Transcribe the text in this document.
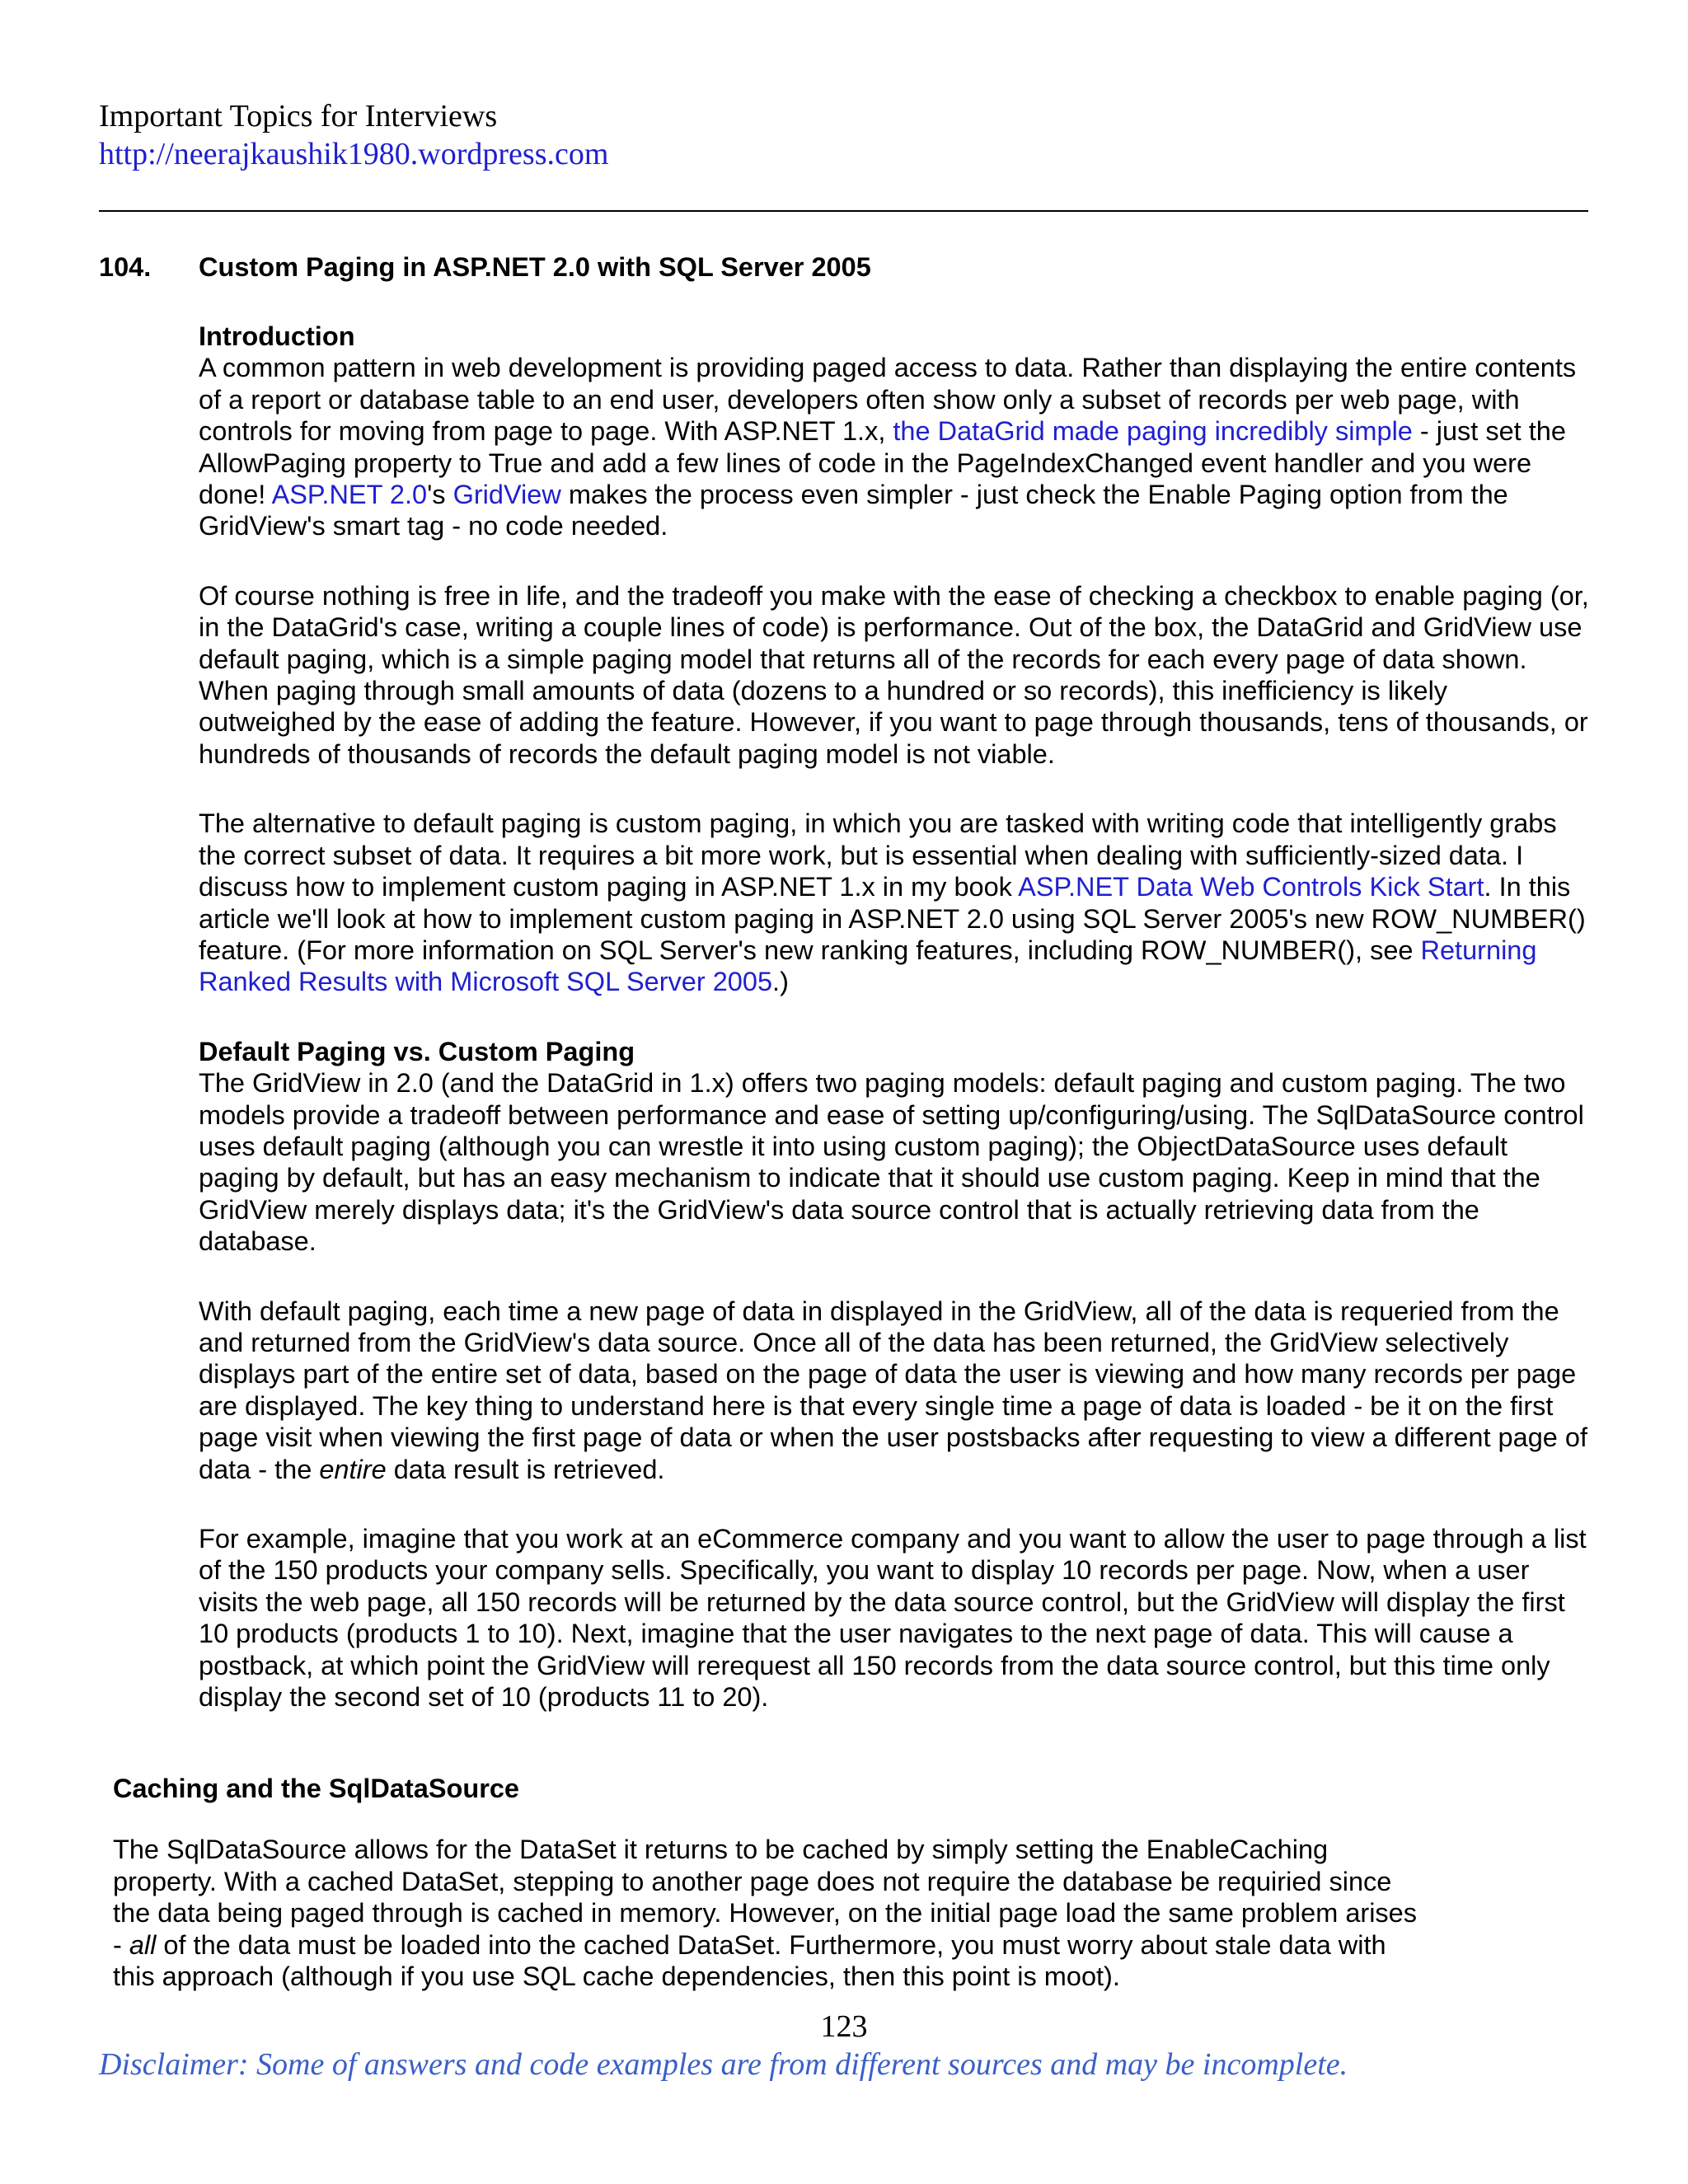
Important Topics for Interviews
http://neerajkaushik1980.wordpress.com
104. Custom Paging in ASP.NET 2.0 with SQL Server 2005
Introduction

A common pattern in web development is providing paged access to data. Rather than displaying the entire contents of a report or database table to an end user, developers often show only a subset of records per web page, with controls for moving from page to page. With ASP.NET 1.x, the DataGrid made paging incredibly simple - just set the AllowPaging property to True and add a few lines of code in the PageIndexChanged event handler and you were done! ASP.NET 2.0's GridView makes the process even simpler - just check the Enable Paging option from the GridView's smart tag - no code needed.

Of course nothing is free in life, and the tradeoff you make with the ease of checking a checkbox to enable paging (or, in the DataGrid's case, writing a couple lines of code) is performance. Out of the box, the DataGrid and GridView use default paging, which is a simple paging model that returns all of the records for each every page of data shown. When paging through small amounts of data (dozens to a hundred or so records), this inefficiency is likely outweighed by the ease of adding the feature. However, if you want to page through thousands, tens of thousands, or hundreds of thousands of records the default paging model is not viable.

The alternative to default paging is custom paging, in which you are tasked with writing code that intelligently grabs the correct subset of data. It requires a bit more work, but is essential when dealing with sufficiently-sized data. I discuss how to implement custom paging in ASP.NET 1.x in my book ASP.NET Data Web Controls Kick Start. In this article we'll look at how to implement custom paging in ASP.NET 2.0 using SQL Server 2005's new ROW_NUMBER() feature. (For more information on SQL Server's new ranking features, including ROW_NUMBER(), see Returning Ranked Results with Microsoft SQL Server 2005.)

Default Paging vs. Custom Paging

The GridView in 2.0 (and the DataGrid in 1.x) offers two paging models: default paging and custom paging. The two models provide a tradeoff between performance and ease of setting up/configuring/using. The SqlDataSource control uses default paging (although you can wrestle it into using custom paging); the ObjectDataSource uses default paging by default, but has an easy mechanism to indicate that it should use custom paging. Keep in mind that the GridView merely displays data; it's the GridView's data source control that is actually retrieving data from the database.

With default paging, each time a new page of data in displayed in the GridView, all of the data is requeried from the and returned from the GridView's data source. Once all of the data has been returned, the GridView selectively displays part of the entire set of data, based on the page of data the user is viewing and how many records per page are displayed. The key thing to understand here is that every single time a page of data is loaded - be it on the first page visit when viewing the first page of data or when the user postsbacks after requesting to view a different page of data - the entire data result is retrieved.

For example, imagine that you work at an eCommerce company and you want to allow the user to page through a list of the 150 products your company sells. Specifically, you want to display 10 records per page. Now, when a user visits the web page, all 150 records will be returned by the data source control, but the GridView will display the first 10 products (products 1 to 10). Next, imagine that the user navigates to the next page of data. This will cause a postback, at which point the GridView will rerequest all 150 records from the data source control, but this time only display the second set of 10 (products 11 to 20).

Caching and the SqlDataSource

The SqlDataSource allows for the DataSet it returns to be cached by simply setting the EnableCaching property. With a cached DataSet, stepping to another page does not require the database be requiried since the data being paged through is cached in memory. However, on the initial page load the same problem arises - all of the data must be loaded into the cached DataSet. Furthermore, you must worry about stale data with this approach (although if you use SQL cache dependencies, then this point is moot).

123
Disclaimer: Some of answers and code examples are from different sources and may be incomplete.
